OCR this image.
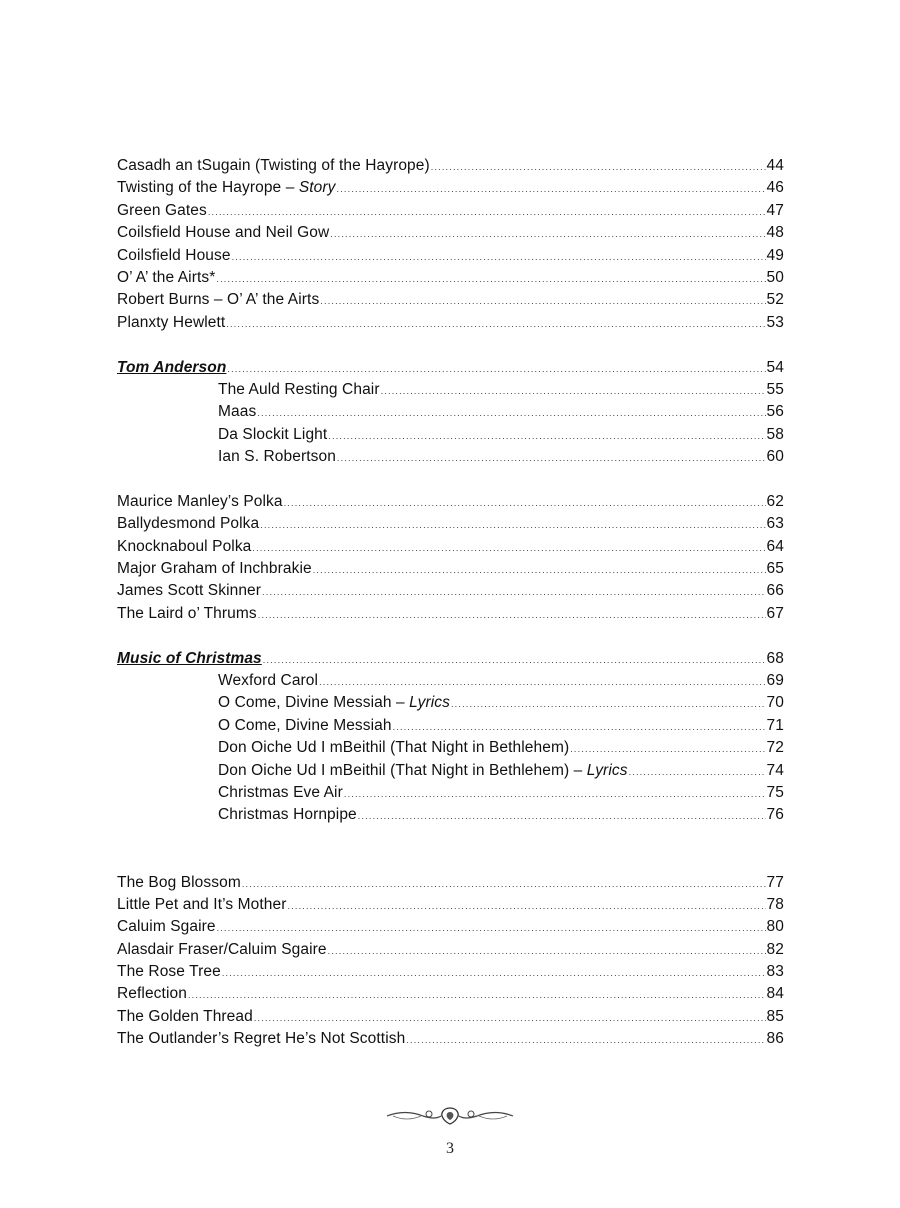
Casadh an tSugain (Twisting of the Hayrope) .....	44
Twisting of the Hayrope – Story .....	46
Green Gates .....	47
Coilsfield House and Neil Gow .....	48
Coilsfield House .....	49
O’ A’ the Airts* .....	50
Robert Burns – O’ A’ the Airts .....	52
Planxty Hewlett .....	53
Tom Anderson .....	54
The Auld Resting Chair .....	55
Maas .....	56
Da Slockit Light .....	58
Ian S. Robertson .....	60
Maurice Manley’s Polka .....	62
Ballydesmond Polka .....	63
Knocknaboul Polka .....	64
Major Graham of Inchbrakie .....	65
James Scott Skinner .....	66
The Laird o’ Thrums .....	67
Music of Christmas .....	68
Wexford Carol .....	69
O Come, Divine Messiah – Lyrics .....	70
O Come, Divine Messiah .....	71
Don Oiche Ud I mBeithil (That Night in Bethlehem) .....	72
Don Oiche Ud I mBeithil (That Night in Bethlehem) – Lyrics .....	74
Christmas Eve Air .....	75
Christmas Hornpipe .....	76
The Bog Blossom .....	77
Little Pet and It’s Mother .....	78
Caluim Sgaire .....	80
Alasdair Fraser/Caluim Sgaire .....	82
The Rose Tree .....	83
Reflection .....	84
The Golden Thread .....	85
The Outlander’s Regret He’s Not Scottish .....	86
3
